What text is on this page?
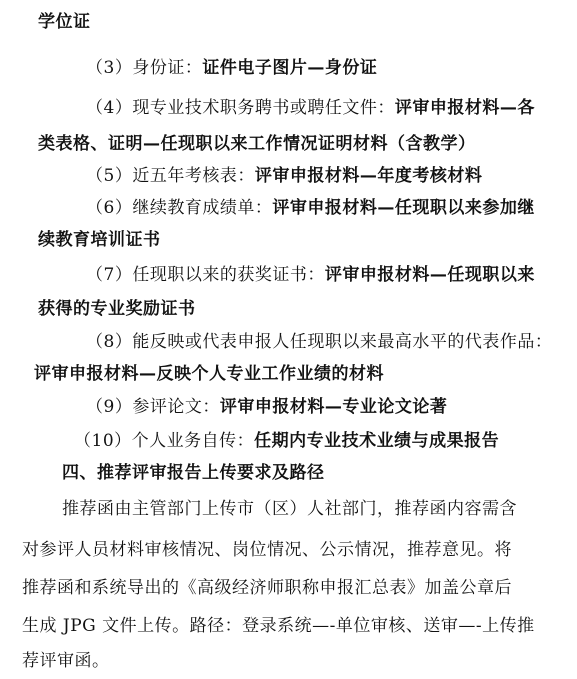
学位证
（3）身份证：证件电子图片—身份证
（4）现专业技术职务聘书或聘任文件：评审申报材料—各
类表格、证明—任现职以来工作情况证明材料（含教学）
（5）近五年考核表：评审申报材料—年度考核材料
（6）继续教育成绩单：评审申报材料—任现职以来参加继
续教育培训证书
（7）任现职以来的获奖证书：评审申报材料—任现职以来
获得的专业奖励证书
（8）能反映或代表申报人任现职以来最高水平的代表作品：
评审申报材料—反映个人专业工作业绩的材料
（9）参评论文：评审申报材料—专业论文论著
（10）个人业务自传：任期内专业技术业绩与成果报告
四、推荐评审报告上传要求及路径
推荐函由主管部门上传市（区）人社部门，推荐函内容需含
对参评人员材料审核情况、岗位情况、公示情况，推荐意见。将
推荐函和系统导出的《高级经济师职称申报汇总表》加盖公章后
生成 JPG 文件上传。路径：登录系统—-单位审核、送审—-上传推
荐评审函。
